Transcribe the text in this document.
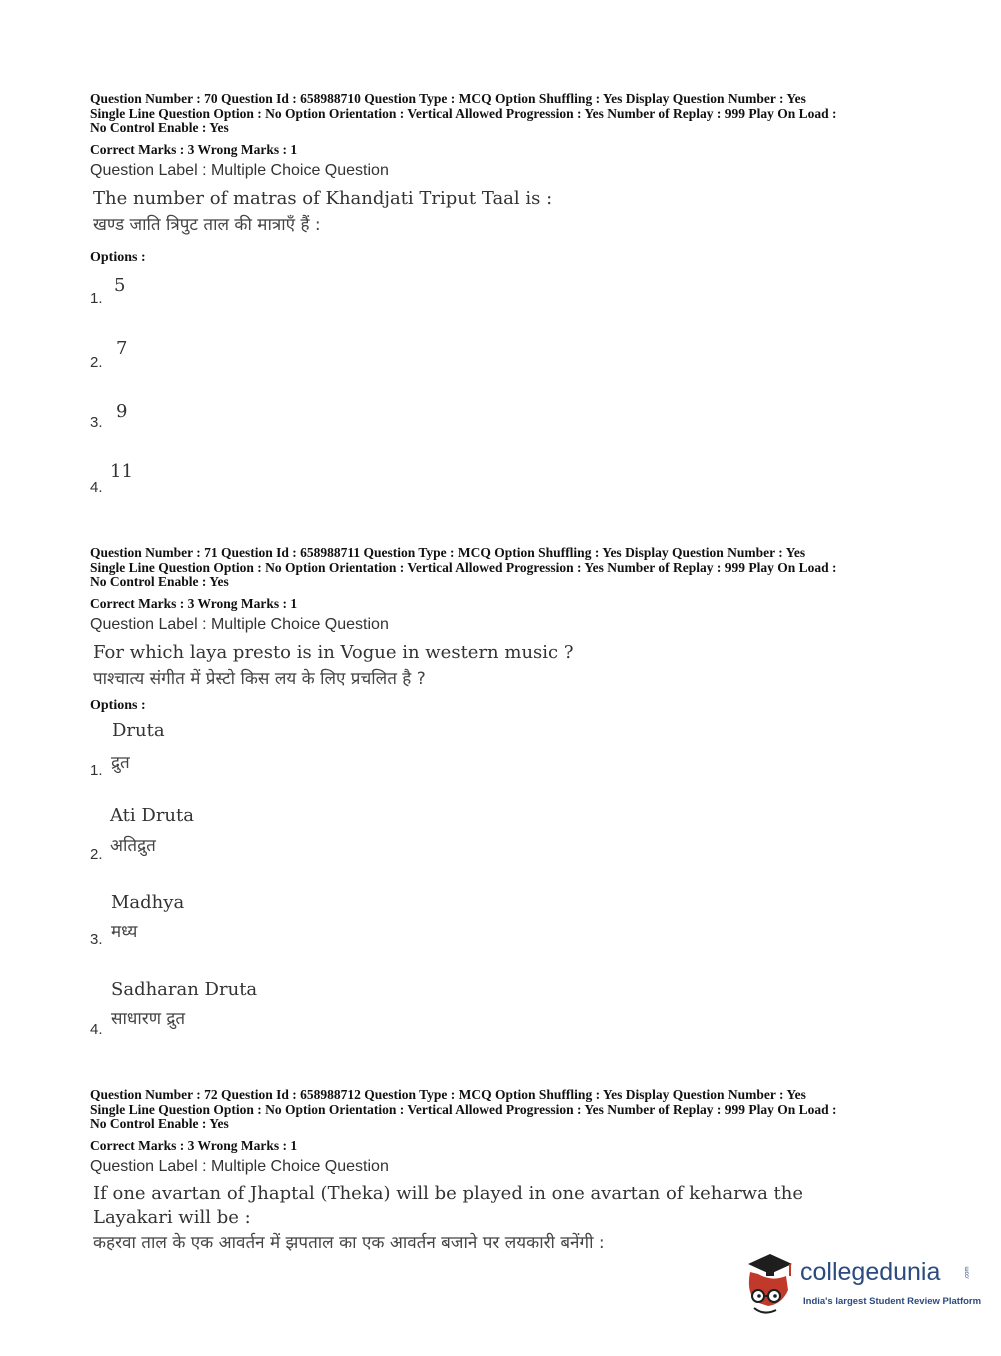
Question Number : 70 Question Id : 658988710 Question Type : MCQ Option Shuffling : Yes Display Question Number : Yes
Single Line Question Option : No Option Orientation : Vertical Allowed Progression : Yes Number of Replay : 999 Play On Load :
No Control Enable : Yes
Correct Marks : 3 Wrong Marks : 1
Question Label : Multiple Choice Question
The number of matras of Khandjati Triput Taal is :
खण्ड जाति त्रिपुट ताल की मात्राएँ हैं :
Options :
1.
5
2.
7
3.
9
4.
11
Question Number : 71 Question Id : 658988711 Question Type : MCQ Option Shuffling : Yes Display Question Number : Yes
Single Line Question Option : No Option Orientation : Vertical Allowed Progression : Yes Number of Replay : 999 Play On Load :
No Control Enable : Yes
Correct Marks : 3 Wrong Marks : 1
Question Label : Multiple Choice Question
For which laya presto is in Vogue in western music ?
पाश्चात्य संगीत में प्रेस्टो किस लय के लिए प्रचलित है ?
Options :
Druta
द्रुत
1.
Ati Druta
अतिद्रुत
2.
Madhya
मध्य
3.
Sadharan Druta
साधारण द्रुत
4.
Question Number : 72 Question Id : 658988712 Question Type : MCQ Option Shuffling : Yes Display Question Number : Yes
Single Line Question Option : No Option Orientation : Vertical Allowed Progression : Yes Number of Replay : 999 Play On Load :
No Control Enable : Yes
Correct Marks : 3 Wrong Marks : 1
Question Label : Multiple Choice Question
If one avartan of Jhaptal (Theka) will be played in one avartan of keharwa the
Layakari will be :
कहरवा ताल के एक आवर्तन में झपताल का एक आवर्तन बजाने पर लयकारी बनेंगी :
collegedunia	.com
India's largest Student Review Platform
